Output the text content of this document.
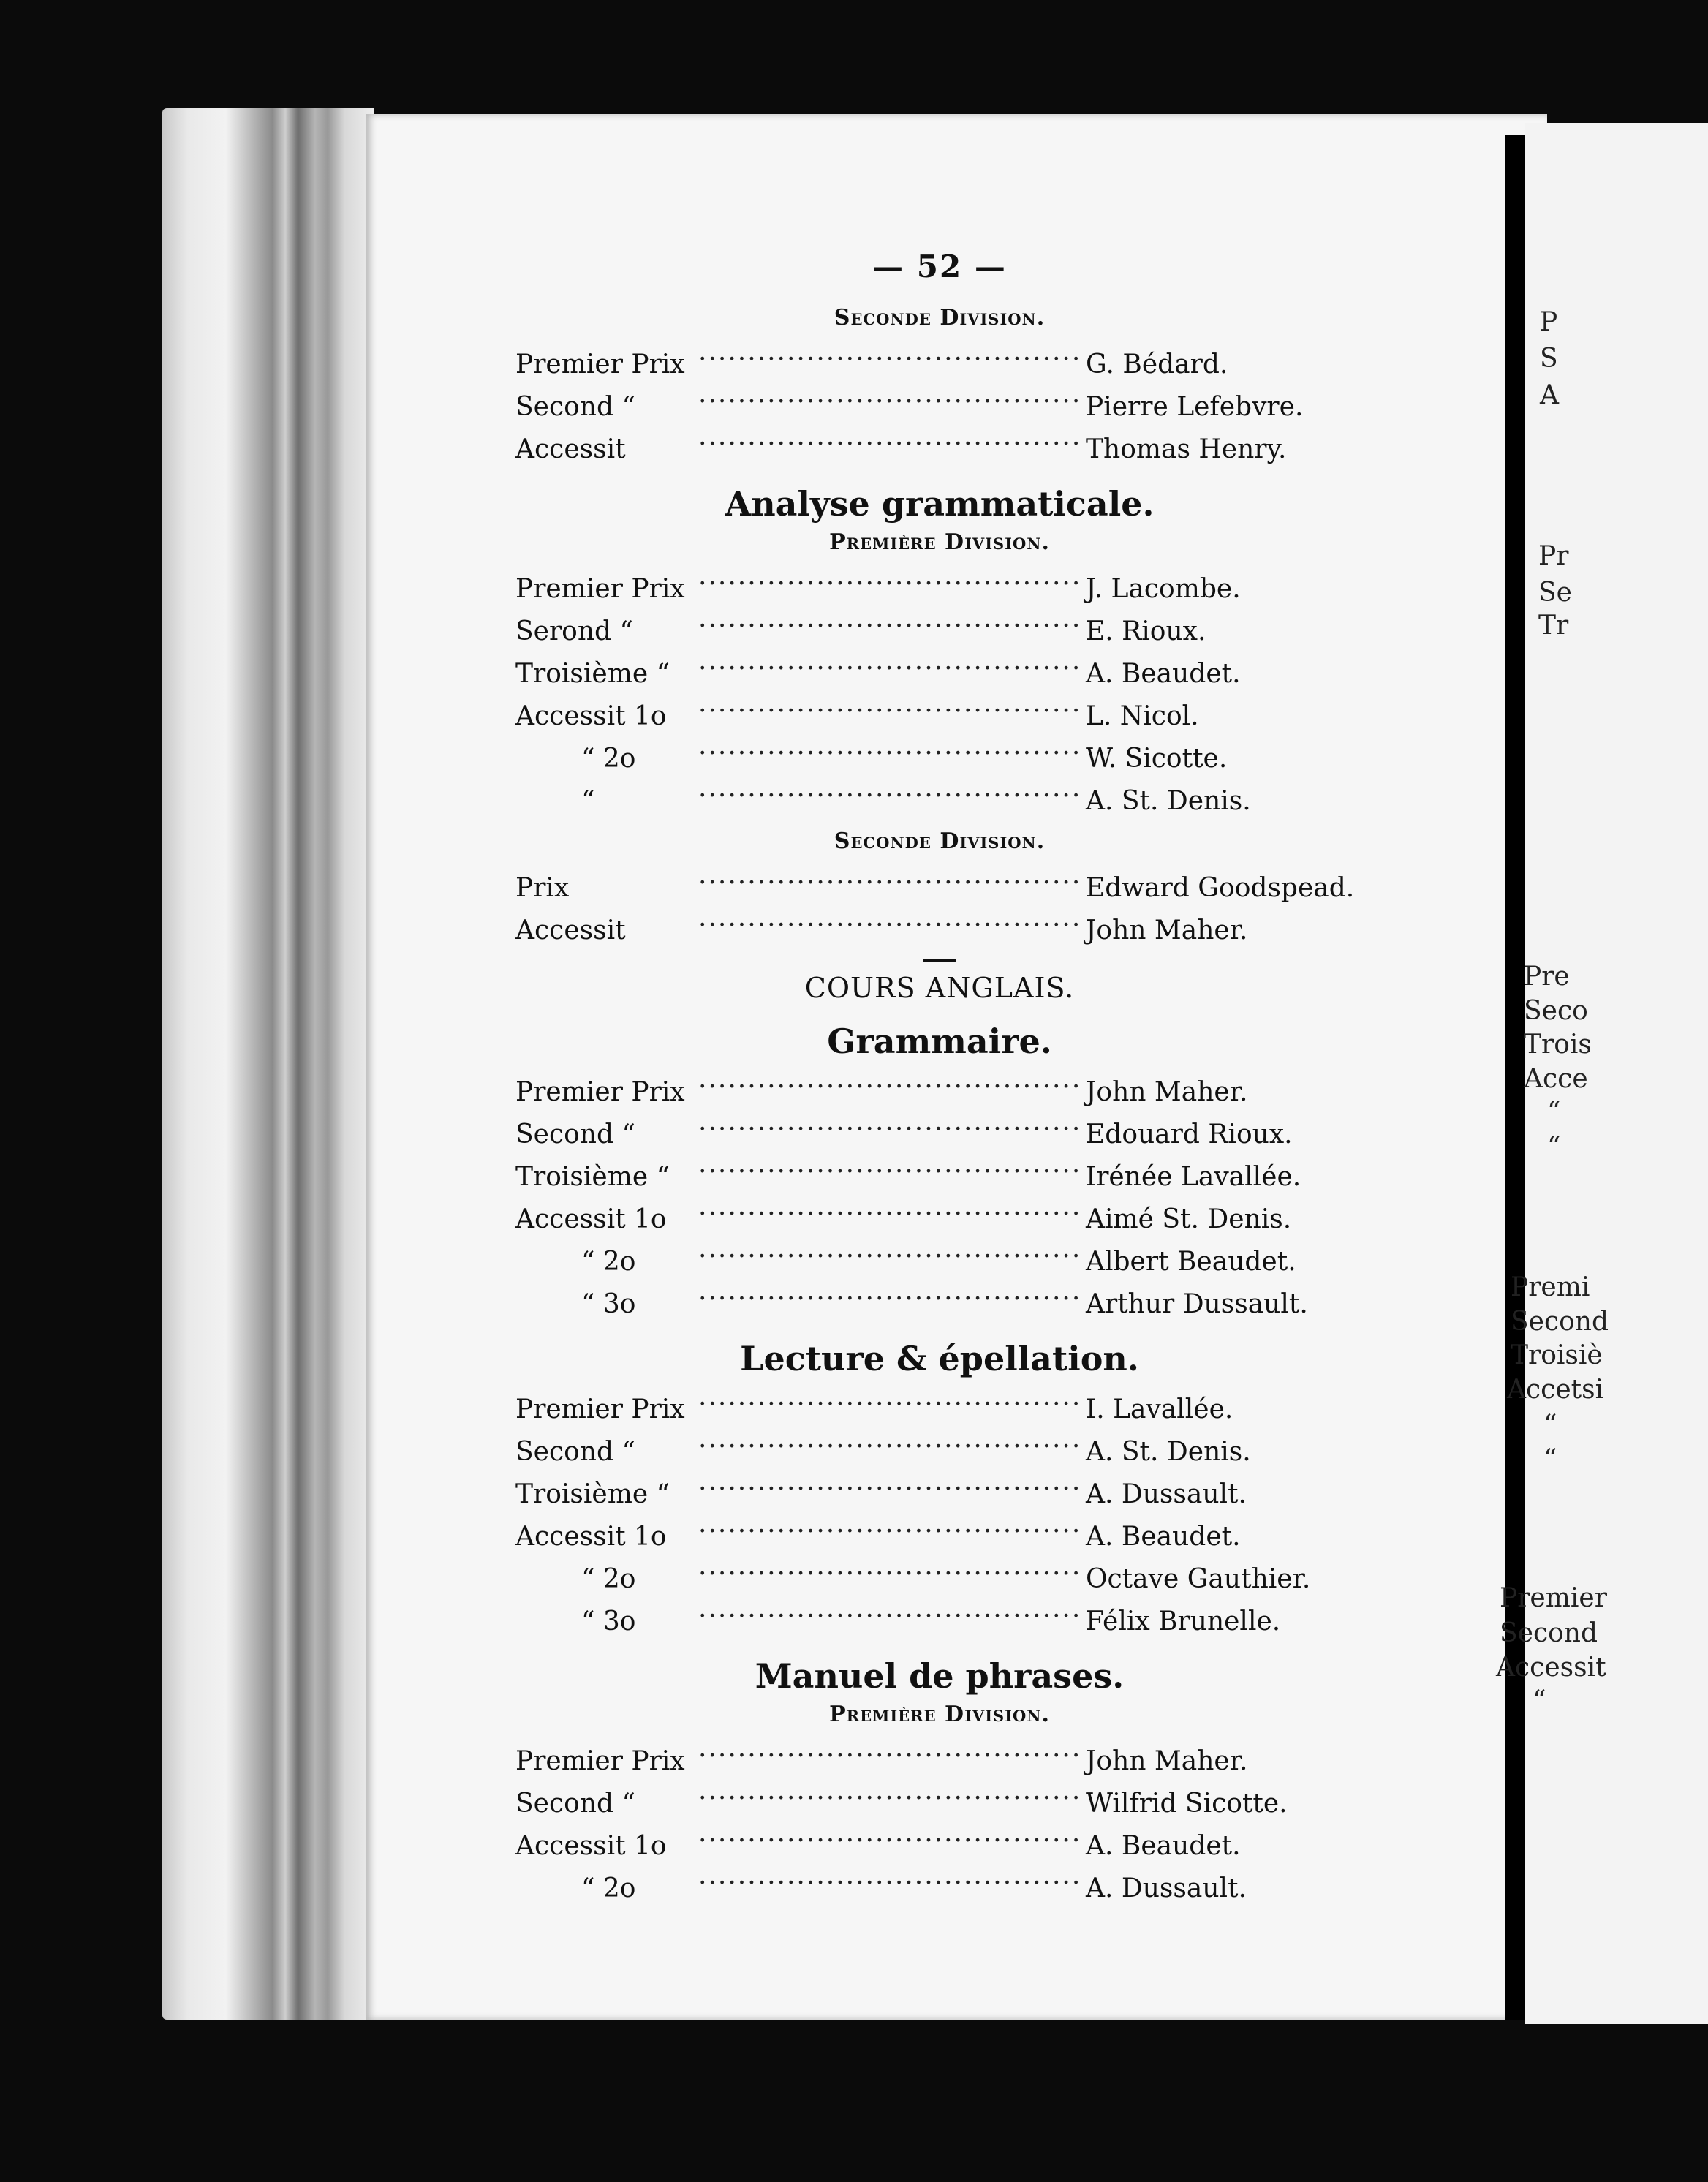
P
S
A
Pr
Se
Tr
Pre
Seco
Trois
Acce
“
“
Premi
Second
Troisiè
Accetsi
“
“
Premier
Second
Accessit
“
— 52 —
Seconde Division.
Premier Prix .....	G. Bédard.
Second “ .....	Pierre Lefebvre.
Accessit .....	Thomas Henry.
Analyse grammaticale.
Première Division.
Premier Prix .....	J. Lacombe.
Serond “ .....	E. Rioux.
Troisième “ .....	A. Beaudet.
Accessit 1o .....	L. Nicol.
“ 2o .....	W. Sicotte.
“ .....	A. St. Denis.
Seconde Division.
Prix .....	Edward Goodspead.
Accessit .....	John Maher.
COURS ANGLAIS.
Grammaire.
Premier Prix .....	John Maher.
Second “ .....	Edouard Rioux.
Troisième “ .....	Irénée Lavallée.
Accessit 1o .....	Aimé St. Denis.
“ 2o .....	Albert Beaudet.
“ 3o .....	Arthur Dussault.
Lecture & épellation.
Premier Prix .....	I. Lavallée.
Second “ .....	A. St. Denis.
Troisième “ .....	A. Dussault.
Accessit 1o .....	A. Beaudet.
“ 2o .....	Octave Gauthier.
“ 3o .....	Félix Brunelle.
Manuel de phrases.
Première Division.
Premier Prix .....	John Maher.
Second “ .....	Wilfrid Sicotte.
Accessit 1o .....	A. Beaudet.
“ 2o .....	A. Dussault.
